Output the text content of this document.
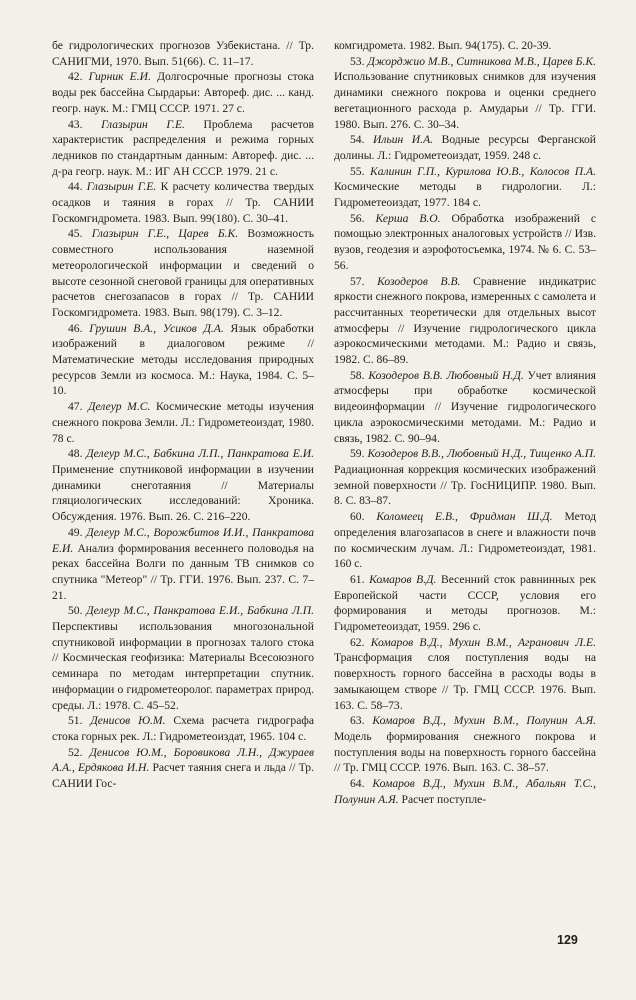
бе гидрологических прогнозов Узбекистана. // Тр. САНИГМИ, 1970. Вып. 51(66). С. 11–17.

42. Гирник Е.И. Долгосрочные прогнозы стока воды рек бассейна Сырдарьи: Автореф. дис. ... канд. геогр. наук. М.: ГМЦ СССР. 1971. 27 с.

43. Глазырин Г.Е. Проблема расчетов характеристик распределения и режима горных ледников по стандартным данным: Автореф. дис. ... д-ра геогр. наук. М.: ИГ АН СССР. 1979. 21 с.

44. Глазырин Г.Е. К расчету количества твердых осадков и таяния в горах // Тр. САНИИ Госкомгидромета. 1983. Вып. 99(180). С. 30–41.

45. Глазырин Г.Е., Царев Б.К. Возможность совместного использования наземной метеорологической информации и сведений о высоте сезонной снеговой границы для оперативных расчетов снегозапасов в горах // Тр. САНИИ Госкомгидромета. 1983. Вып. 98(179). С. 3–12.

46. Грушин В.А., Усиков Д.А. Язык обработки изображений в диалоговом режиме // Математические методы исследования природных ресурсов Земли из космоса. М.: Наука, 1984. С. 5–10.

47. Делеур М.С. Космические методы изучения снежного покрова Земли. Л.: Гидрометеоиздат, 1980. 78 с.

48. Делеур М.С., Бабкина Л.П., Панкратова Е.И. Применение спутниковой информации в изучении динамики снеготаяния // Материалы гляциологических исследований: Хроника. Обсуждения. 1976. Вып. 26. С. 216–220.

49. Делеур М.С., Ворожбитов И.И., Панкратова Е.И. Анализ формирования весеннего половодья на реках бассейна Волги по данным ТВ снимков со спутника "Метеор" // Тр. ГГИ. 1976. Вып. 237. С. 7–21.

50. Делеур М.С., Панкратова Е.И., Бабкина Л.П. Перспективы использования многозональной спутниковой информации в прогнозах талого стока // Космическая геофизика: Материалы Всесоюзного семинара по методам интерпретации спутник. информации о гидрометеоролог. параметрах природ. среды. Л.: 1978. С. 45–52.

51. Денисов Ю.М. Схема расчета гидрографа стока горных рек. Л.: Гидрометеоиздат, 1965. 104 с.

52. Денисов Ю.М., Боровикова Л.Н., Джураев А.А., Ердякова И.Н. Расчет таяния снега и льда // Тр. САНИИ Гос-

комгидромета. 1982. Вып. 94(175). С. 20-39.

53. Джорджио М.В., Ситникова М.В., Царев Б.К. Использование спутниковых снимков для изучения динамики снежного покрова и оценки среднего вегетационного расхода р. Амударьи // Тр. ГГИ. 1980. Вып. 276. С. 30–34.

54. Ильин И.А. Водные ресурсы Ферганской долины. Л.: Гидрометеоиздат, 1959. 248 с.

55. Калинин Г.П., Курилова Ю.В., Колосов П.А. Космические методы в гидрологии. Л.: Гидрометеоиздат, 1977. 184 с.

56. Керша В.О. Обработка изображений с помощью электронных аналоговых устройств // Изв. вузов, геодезия и аэрофотосъемка, 1974. № 6. С. 53–56.

57. Козодеров В.В. Сравнение индикатрис яркости снежного покрова, измеренных с самолета и рассчитанных теоретически для отдельных высот атмосферы // Изучение гидрологического цикла аэрокосмическими методами. М.: Радио и связь, 1982. С. 86–89.

58. Козодеров В.В. Любовный Н.Д. Учет влияния атмосферы при обработке космической видеоинформации // Изучение гидрологического цикла аэрокосмическими методами. М.: Радио и связь, 1982. С. 90–94.

59. Козодеров В.В., Любовный Н.Д., Тищенко А.П. Радиационная коррекция космических изображений земной поверхности // Тр. ГосНИЦИПР. 1980. Вып. 8. С. 83–87.

60. Коломеец Е.В., Фридман Ш.Д. Метод определения влагозапасов в снеге и влажности почв по космическим лучам. Л.: Гидрометеоиздат, 1981. 160 с.

61. Комаров В.Д. Весенний сток равнинных рек Европейской части СССР, условия его формирования и методы прогнозов. М.: Гидрометеоиздат, 1959. 296 с.

62. Комаров В.Д., Мухин В.М., Агранович Л.Е. Трансформация слоя поступления воды на поверхность горного бассейна в расходы воды в замыкающем створе // Тр. ГМЦ СССР. 1976. Вып. 163. С. 58–73.

63. Комаров В.Д., Мухин В.М., Полунин А.Я. Модель формирования снежного покрова и поступления воды на поверхность горного бассейна // Тр. ГМЦ СССР. 1976. Вып. 163. С. 38–57.

64. Комаров В.Д., Мухин В.М., Абальян Т.С., Полунин А.Я. Расчет поступле-

129
